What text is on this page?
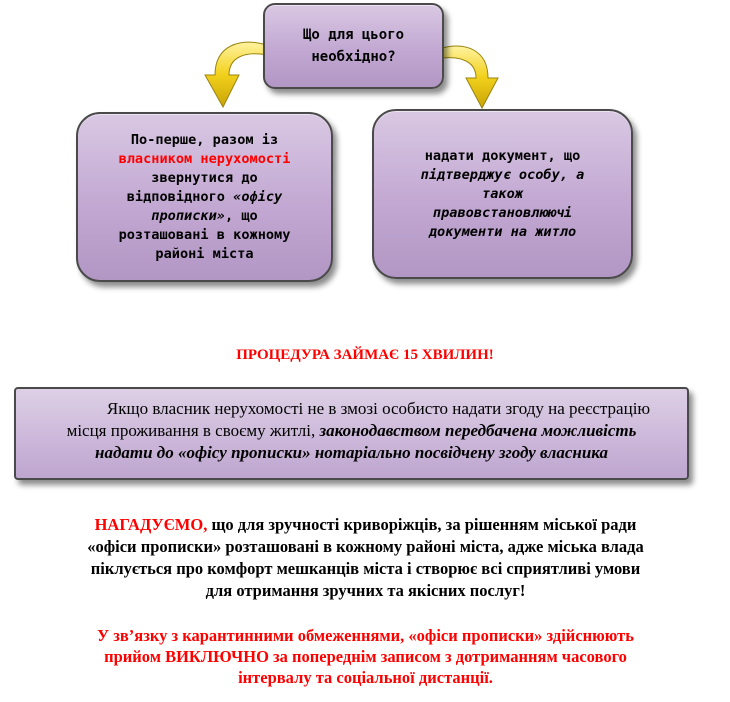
Що для цього
необхідно?
По-перше, разом із
власником нерухомості
звернутися до
відповідного «офісу
прописки», що
розташовані в кожному
районі міста
надати документ, що
підтверджує особу, а
також
правовстановлюючі
документи на житло
ПРОЦЕДУРА ЗАЙМАЄ 15 ХВИЛИН!
Якщо власник нерухомості не в змозі особисто надати згоду на реєстрацію
місця проживання в своєму житлі, законодавством передбачена можливість
надати до «офісу прописки» нотаріально посвідчену згоду власника
НАГАДУЄМО, що для зручності криворіжців, за рішенням міської ради
«офіси прописки» розташовані в кожному районі міста, адже міська влада
піклується про комфорт мешканців міста і створює всі сприятливі умови
для отримання зручних та якісних послуг!
У зв’язку з карантинними обмеженнями, «офіси прописки» здійснюють
прийом ВИКЛЮЧНО за попереднім записом з дотриманням часового
інтервалу та соціальної дистанції.
